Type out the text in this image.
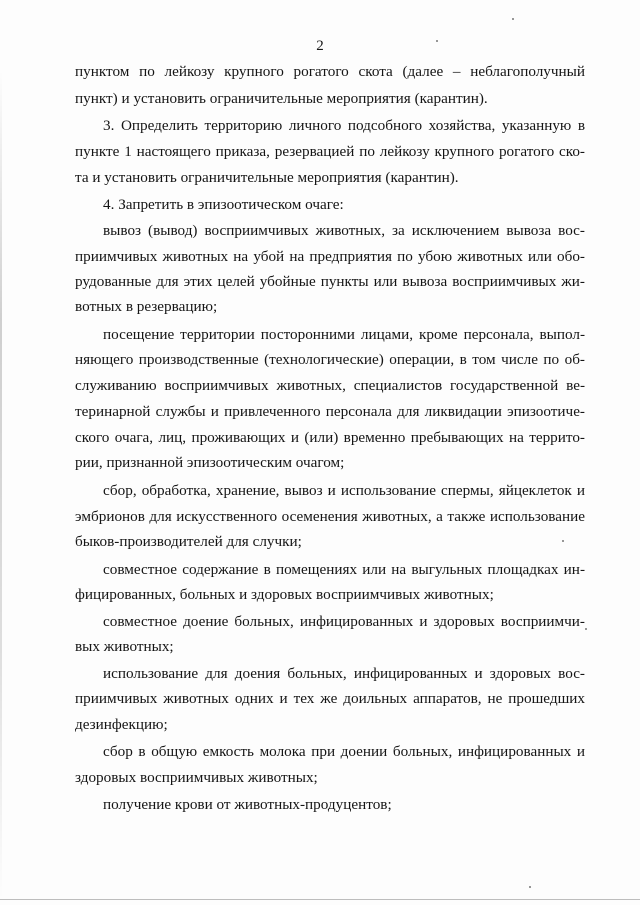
2
пунктом по лейкозу крупного рогатого скота (далее – неблагополучный
пункт) и установить ограничительные мероприятия (карантин).
3. Определить территорию личного подсобного хозяйства, указанную в
пункте 1 настоящего приказа, резервацией по лейкозу крупного рогатого ско-
та и установить ограничительные мероприятия (карантин).
4. Запретить в эпизоотическом очаге:
вывоз (вывод) восприимчивых животных, за исключением вывоза вос-
приимчивых животных на убой на предприятия по убою животных или обо-
рудованные для этих целей убойные пункты или вывоза восприимчивых жи-
вотных в резервацию;
посещение территории посторонними лицами, кроме персонала, выпол-
няющего производственные (технологические) операции, в том числе по об-
служиванию восприимчивых животных, специалистов государственной ве-
теринарной службы и привлеченного персонала для ликвидации эпизоотиче-
ского очага, лиц, проживающих и (или) временно пребывающих на террито-
рии, признанной эпизоотическим очагом;
сбор, обработка, хранение, вывоз и использование спермы, яйцеклеток и
эмбрионов для искусственного осеменения животных, а также использование
быков-производителей для случки;
совместное содержание в помещениях или на выгульных площадках ин-
фицированных, больных и здоровых восприимчивых животных;
совместное доение больных, инфицированных и здоровых восприимчи-
вых животных;
использование для доения больных, инфицированных и здоровых вос-
приимчивых животных одних и тех же доильных аппаратов, не прошедших
дезинфекцию;
сбор в общую емкость молока при доении больных, инфицированных и
здоровых восприимчивых животных;
получение крови от животных-продуцентов;
